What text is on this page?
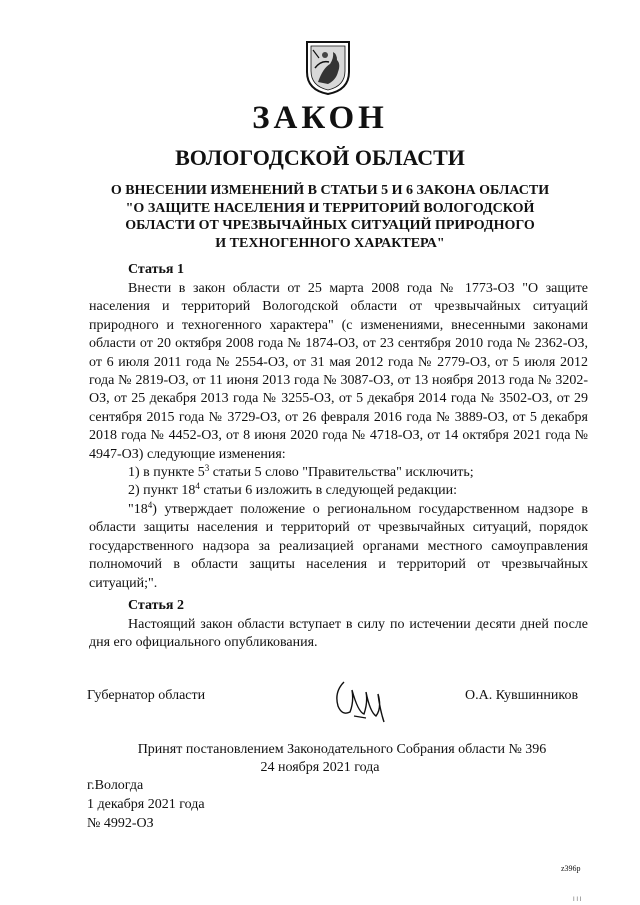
ЗАКОН

ВОЛОГОДСКОЙ ОБЛАСТИ

О ВНЕСЕНИИ ИЗМЕНЕНИЙ В СТАТЬИ 5 И 6 ЗАКОНА ОБЛАСТИ
"О ЗАЩИТЕ НАСЕЛЕНИЯ И ТЕРРИТОРИЙ ВОЛОГОДСКОЙ
ОБЛАСТИ ОТ ЧРЕЗВЫЧАЙНЫХ СИТУАЦИЙ ПРИРОДНОГО
И ТЕХНОГЕННОГО ХАРАКТЕРА"

Статья 1

Внести в закон области от 25 марта 2008 года № 1773-ОЗ "О защите населения и территорий Вологодской области от чрезвычайных ситуаций природного и техногенного характера" (с изменениями, внесенными законами области от 20 октября 2008 года № 1874-ОЗ, от 23 сентября 2010 года № 2362-ОЗ, от 6 июля 2011 года № 2554-ОЗ, от 31 мая 2012 года № 2779-ОЗ, от 5 июля 2012 года № 2819-ОЗ, от 11 июня 2013 года № 3087-ОЗ, от 13 ноября 2013 года № 3202-ОЗ, от 25 декабря 2013 года № 3255-ОЗ, от 5 декабря 2014 года № 3502-ОЗ, от 29 сентября 2015 года № 3729-ОЗ, от 26 февраля 2016 года № 3889-ОЗ, от 5 декабря 2018 года № 4452-ОЗ, от 8 июня 2020 года № 4718-ОЗ, от 14 октября 2021 года № 4947-ОЗ) следующие изменения:

1) в пункте $5^3$ статьи 5 слово "Правительства" исключить;

2) пункт $18^4$ статьи 6 изложить в следующей редакции:

"$18^4$) утверждает положение о региональном государственном надзоре в области защиты населения и территорий от чрезвычайных ситуаций, порядок государственного надзора за реализацией органами местного самоуправления полномочий в области защиты населения и территорий от чрезвычайных ситуаций;".

Статья 2

Настоящий закон области вступает в силу по истечении десяти дней после дня его официального опубликования.

Губернатор области	О.А. Кувшинников

Принят постановлением Законодательного Собрания области № 396

24 ноября 2021 года

г.Вологда

1 декабря 2021 года

№ 4992-ОЗ

z396p

I I I
